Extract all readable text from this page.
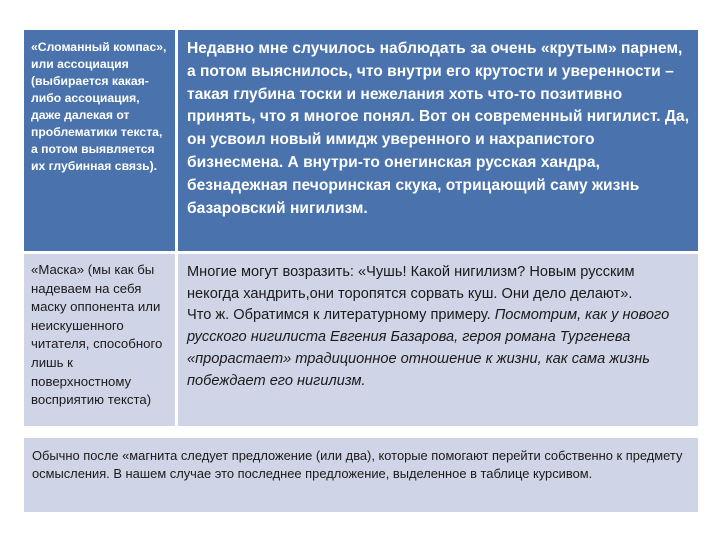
«Сломанный компас», или ассоциация (выбирается какая-либо ассоциация, даже далекая от проблематики текста, а потом выявляется их глубинная связь).
Недавно мне случилось наблюдать за очень «крутым» парнем, а потом выяснилось, что внутри его крутости и уверенности – такая глубина тоски и нежелания хоть что-то позитивно принять, что я многое понял. Вот он современный нигилист. Да, он усвоил новый имидж уверенного и нахрапистого бизнесмена. А внутри-то онегинская русская хандра, безнадежная печоринская скука, отрицающий саму жизнь базаровский нигилизм.
«Маска» (мы как бы надеваем на себя маску оппонента или неискушенного читателя, способного лишь к поверхностному восприятию текста)
Многие могут возразить: «Чушь! Какой нигилизм? Новым русским некогда хандрить,они торопятся сорвать куш. Они дело делают».
Что ж. Обратимся к литературному примеру. Посмотрим, как у нового русского нигилиста Евгения Базарова, героя романа Тургенева «прорастает» традиционное отношение к жизни, как сама жизнь побеждает его нигилизм.
Обычно после «магнита следует предложение (или два), которые помогают перейти собственно к предмету осмысления. В нашем случае это последнее предложение, выделенное в таблице курсивом.
